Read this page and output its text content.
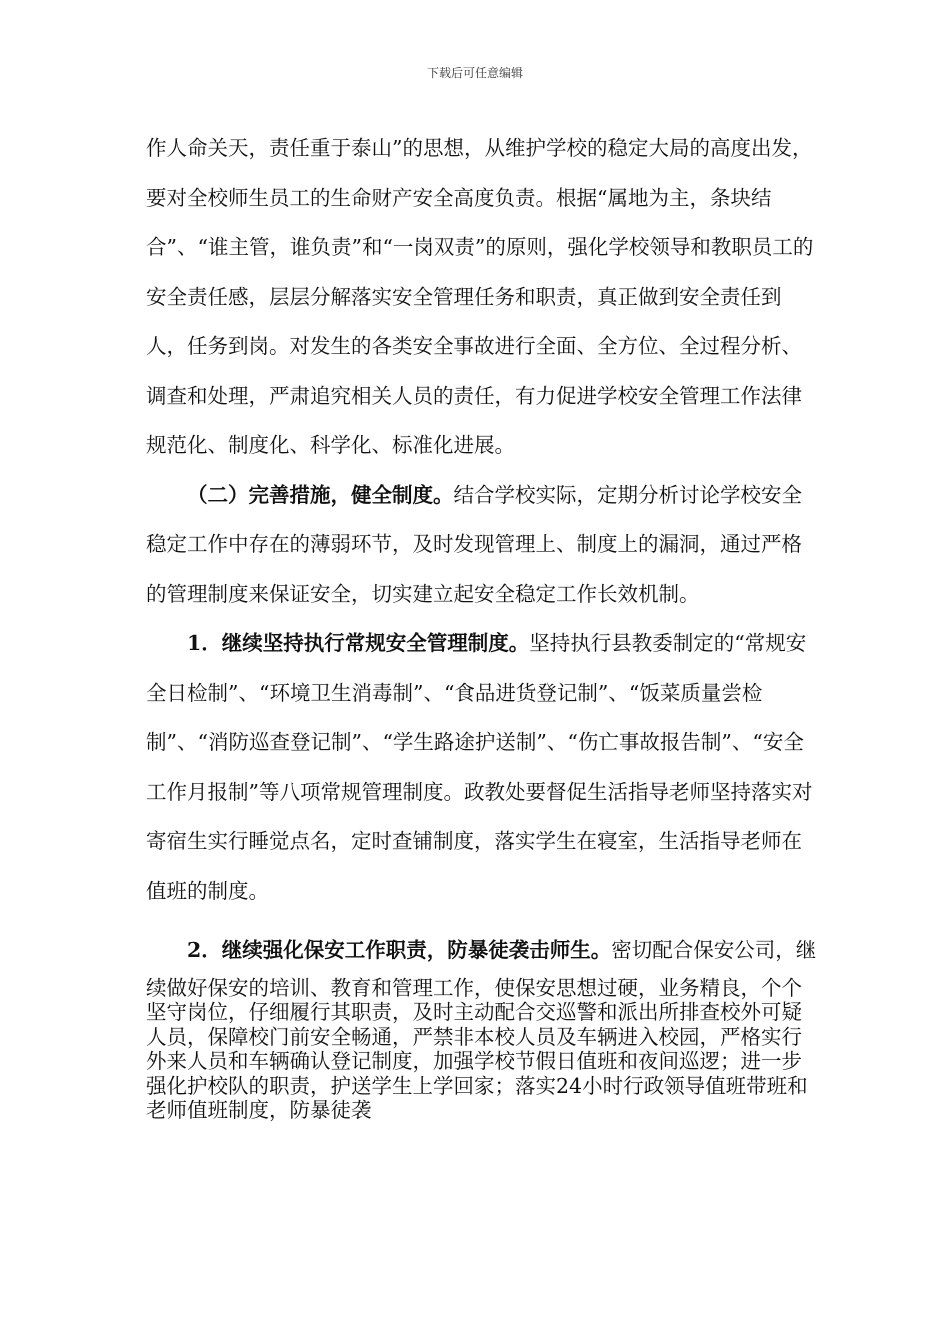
下载后可任意编辑

作人命关天，责任重于泰山”的思想，从维护学校的稳定大局的高度出发，要对全校师生员工的生命财产安全高度负责。根据“属地为主，条块结合”、“谁主管，谁负责”和“一岗双责”的原则，强化学校领导和教职员工的安全责任感，层层分解落实安全管理任务和职责，真正做到安全责任到人，任务到岗。对发生的各类安全事故进行全面、全方位、全过程分析、调查和处理，严肃追究相关人员的责任，有力促进学校安全管理工作法律规范化、制度化、科学化、标准化进展。

（二）完善措施，健全制度。结合学校实际，定期分析讨论学校安全稳定工作中存在的薄弱环节，及时发现管理上、制度上的漏洞，通过严格的管理制度来保证安全，切实建立起安全稳定工作长效机制。

1．继续坚持执行常规安全管理制度。坚持执行县教委制定的“常规安全日检制”、“环境卫生消毒制”、“食品进货登记制”、“饭菜质量尝检制”、“消防巡查登记制”、“学生路途护送制”、“伤亡事故报告制”、“安全工作月报制”等八项常规管理制度。政教处要督促生活指导老师坚持落实对寄宿生实行睡觉点名，定时查铺制度，落实学生在寝室，生活指导老师在值班的制度。

2．继续强化保安工作职责，防暴徒袭击师生。密切配合保安公司，继续做好保安的培训、教育和管理工作，使保安思想过硬，业务精良，个个坚守岗位，仔细履行其职责，及时主动配合交巡警和派出所排查校外可疑人员，保障校门前安全畅通，严禁非本校人员及车辆进入校园，严格实行外来人员和车辆确认登记制度，加强学校节假日值班和夜间巡逻；进一步强化护校队的职责，护送学生上学回家；落实24小时行政领导值班带班和老师值班制度，防暴徒袭
